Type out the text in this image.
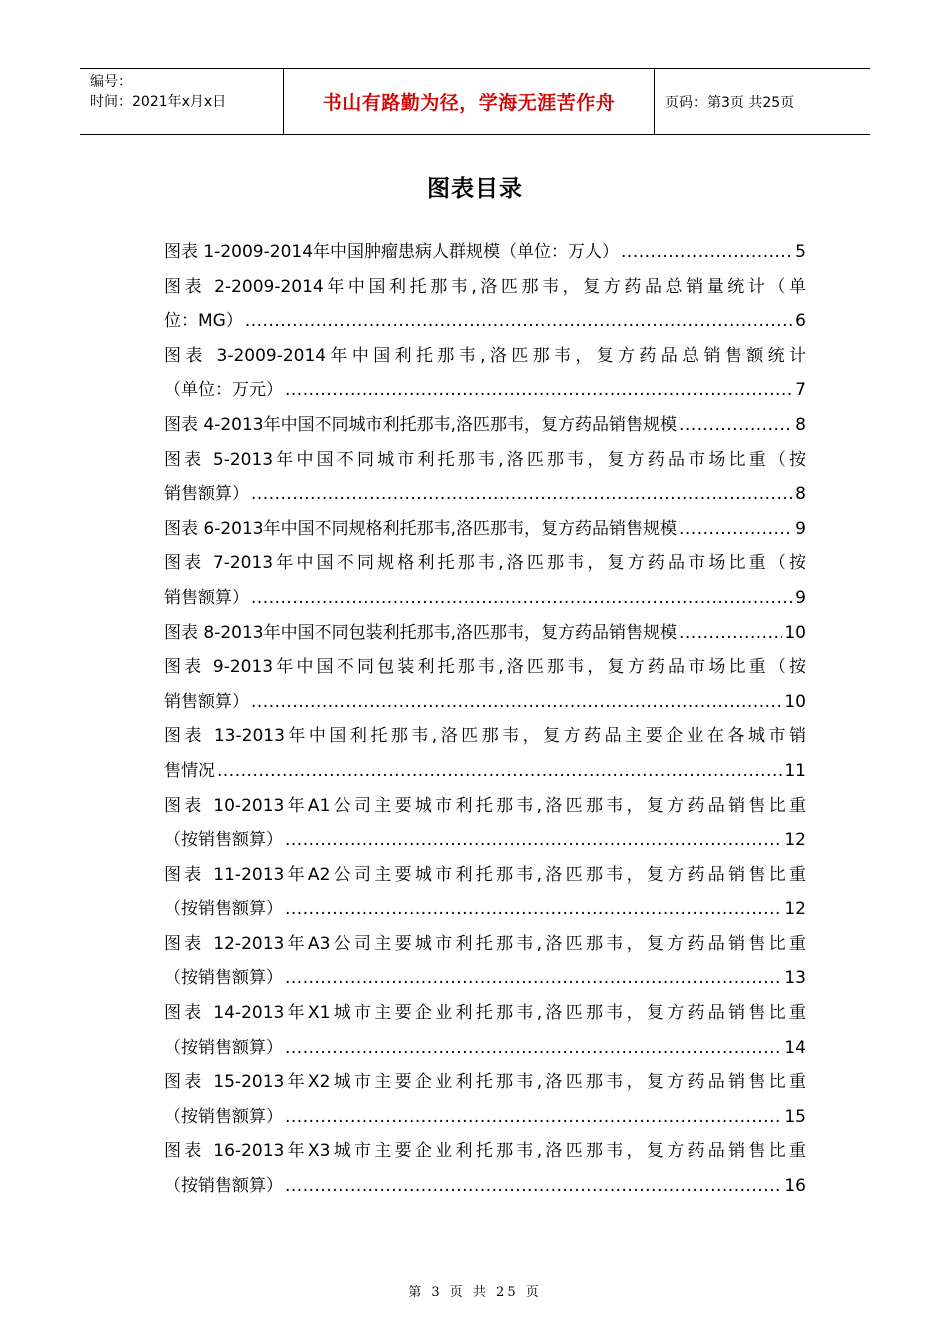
编号：
时间：2021年x月x日	书山有路勤为径，学海无涯苦作舟	页码：第3页 共25页
图表目录
图表 1-2009-2014年中国肿瘤患病人群规模（单位：万人） .....	5
图表 2-2009-2014年中国利托那韦,洛匹那韦，复方药品总销量统计（单
位：MG） .....	6
图表 3-2009-2014年中国利托那韦,洛匹那韦，复方药品总销售额统计
（单位：万元） .....	7
图表 4-2013年中国不同城市利托那韦,洛匹那韦，复方药品销售规模 .....	8
图表 5-2013年中国不同城市利托那韦,洛匹那韦，复方药品市场比重（按
销售额算） .....	8
图表 6-2013年中国不同规格利托那韦,洛匹那韦，复方药品销售规模 .....	9
图表 7-2013年中国不同规格利托那韦,洛匹那韦，复方药品市场比重（按
销售额算） .....	9
图表 8-2013年中国不同包装利托那韦,洛匹那韦，复方药品销售规模 .....	10
图表 9-2013年中国不同包装利托那韦,洛匹那韦，复方药品市场比重（按
销售额算） .....	10
图表 13-2013年中国利托那韦,洛匹那韦，复方药品主要企业在各城市销
售情况 .....	11
图表 10-2013年A1公司主要城市利托那韦,洛匹那韦，复方药品销售比重
（按销售额算） .....	12
图表 11-2013年A2公司主要城市利托那韦,洛匹那韦，复方药品销售比重
（按销售额算） .....	12
图表 12-2013年A3公司主要城市利托那韦,洛匹那韦，复方药品销售比重
（按销售额算） .....	13
图表 14-2013年X1城市主要企业利托那韦,洛匹那韦，复方药品销售比重
（按销售额算） .....	14
图表 15-2013年X2城市主要企业利托那韦,洛匹那韦，复方药品销售比重
（按销售额算） .....	15
图表 16-2013年X3城市主要企业利托那韦,洛匹那韦，复方药品销售比重
（按销售额算） .....	16
第 3 页 共 25 页
